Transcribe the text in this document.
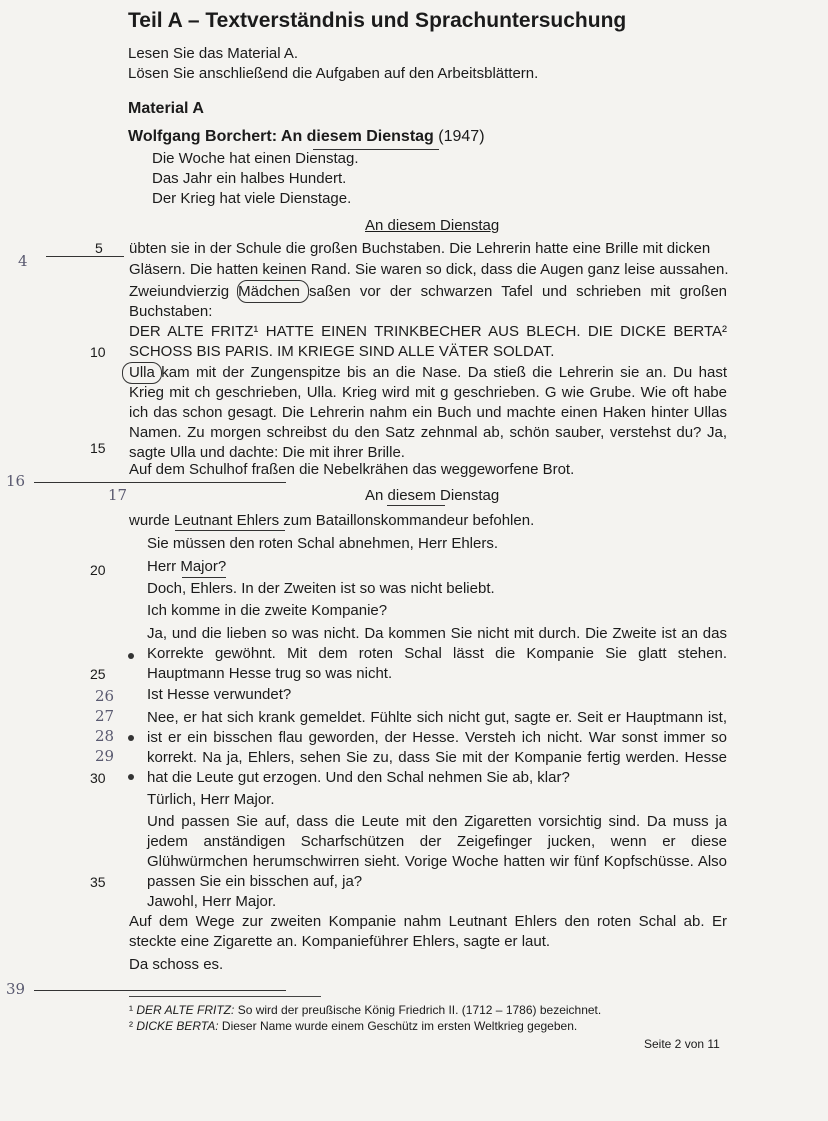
Teil A – Textverständnis und Sprachuntersuchung
Lesen Sie das Material A.
Lösen Sie anschließend die Aufgaben auf den Arbeitsblättern.
Material A
Wolfgang Borchert: An diesem Dienstag (1947)
Die Woche hat einen Dienstag.
Das Jahr ein halbes Hundert.
Der Krieg hat viele Dienstage.
An diesem Dienstag
5
4
übten sie in der Schule die großen Buchstaben. Die Lehrerin hatte eine Brille mit dicken
Gläsern. Die hatten keinen Rand. Sie waren so dick, dass die Augen ganz leise aussahen.
Zweiundvierzig Mädchen saßen vor der schwarzen Tafel und schrieben mit großen Buchstaben:
DER ALTE FRITZ¹ HATTE EINEN TRINKBECHER AUS BLECH. DIE DICKE BERTA² SCHOSS BIS PARIS. IM KRIEGE SIND ALLE VÄTER SOLDAT.
10
Ulla kam mit der Zungenspitze bis an die Nase. Da stieß die Lehrerin sie an. Du hast Krieg mit ch geschrieben, Ulla. Krieg wird mit g geschrieben. G wie Grube. Wie oft habe ich das schon gesagt. Die Lehrerin nahm ein Buch und machte einen Haken hinter Ullas Namen. Zu morgen schreibst du den Satz zehnmal ab, schön sauber, verstehst du? Ja, sagte Ulla und dachte: Die mit ihrer Brille.
15
Auf dem Schulhof fraßen die Nebelkrähen das weggeworfene Brot.
16
17	An diesem Dienstag
wurde Leutnant Ehlers zum Bataillonskommandeur befohlen.
Sie müssen den roten Schal abnehmen, Herr Ehlers.
20	Herr Major?
Doch, Ehlers. In der Zweiten ist so was nicht beliebt.
Ich komme in die zweite Kompanie?
Ja, und die lieben so was nicht. Da kommen Sie nicht mit durch. Die Zweite ist an das Korrekte gewöhnt. Mit dem roten Schal lässt die Kompanie Sie glatt stehen. Hauptmann Hesse trug so was nicht.
25
26 Ist Hesse verwundet?
Nee, er hat sich krank gemeldet. Fühlte sich nicht gut, sagte er. Seit er Hauptmann ist, ist er ein bisschen flau geworden, der Hesse. Versteh ich nicht. War sonst immer so korrekt. Na ja, Ehlers, sehen Sie zu, dass Sie mit der Kompanie fertig werden. Hesse hat die Leute gut erzogen. Und den Schal nehmen Sie ab, klar?
27
28
29
30
Türlich, Herr Major.
Und passen Sie auf, dass die Leute mit den Zigaretten vorsichtig sind. Da muss ja jedem anständigen Scharfschützen der Zeigefinger jucken, wenn er diese Glühwürmchen herumschwirren sieht. Vorige Woche hatten wir fünf Kopfschüsse. Also passen Sie ein bisschen auf, ja?
35
Jawohl, Herr Major.
Auf dem Wege zur zweiten Kompanie nahm Leutnant Ehlers den roten Schal ab. Er steckte eine Zigarette an. Kompanieführer Ehlers, sagte er laut.
Da schoss es.
39
¹ DER ALTE FRITZ: So wird der preußische König Friedrich II. (1712 – 1786) bezeichnet.
² DICKE BERTA: Dieser Name wurde einem Geschütz im ersten Weltkrieg gegeben.
Seite 2 von 11
